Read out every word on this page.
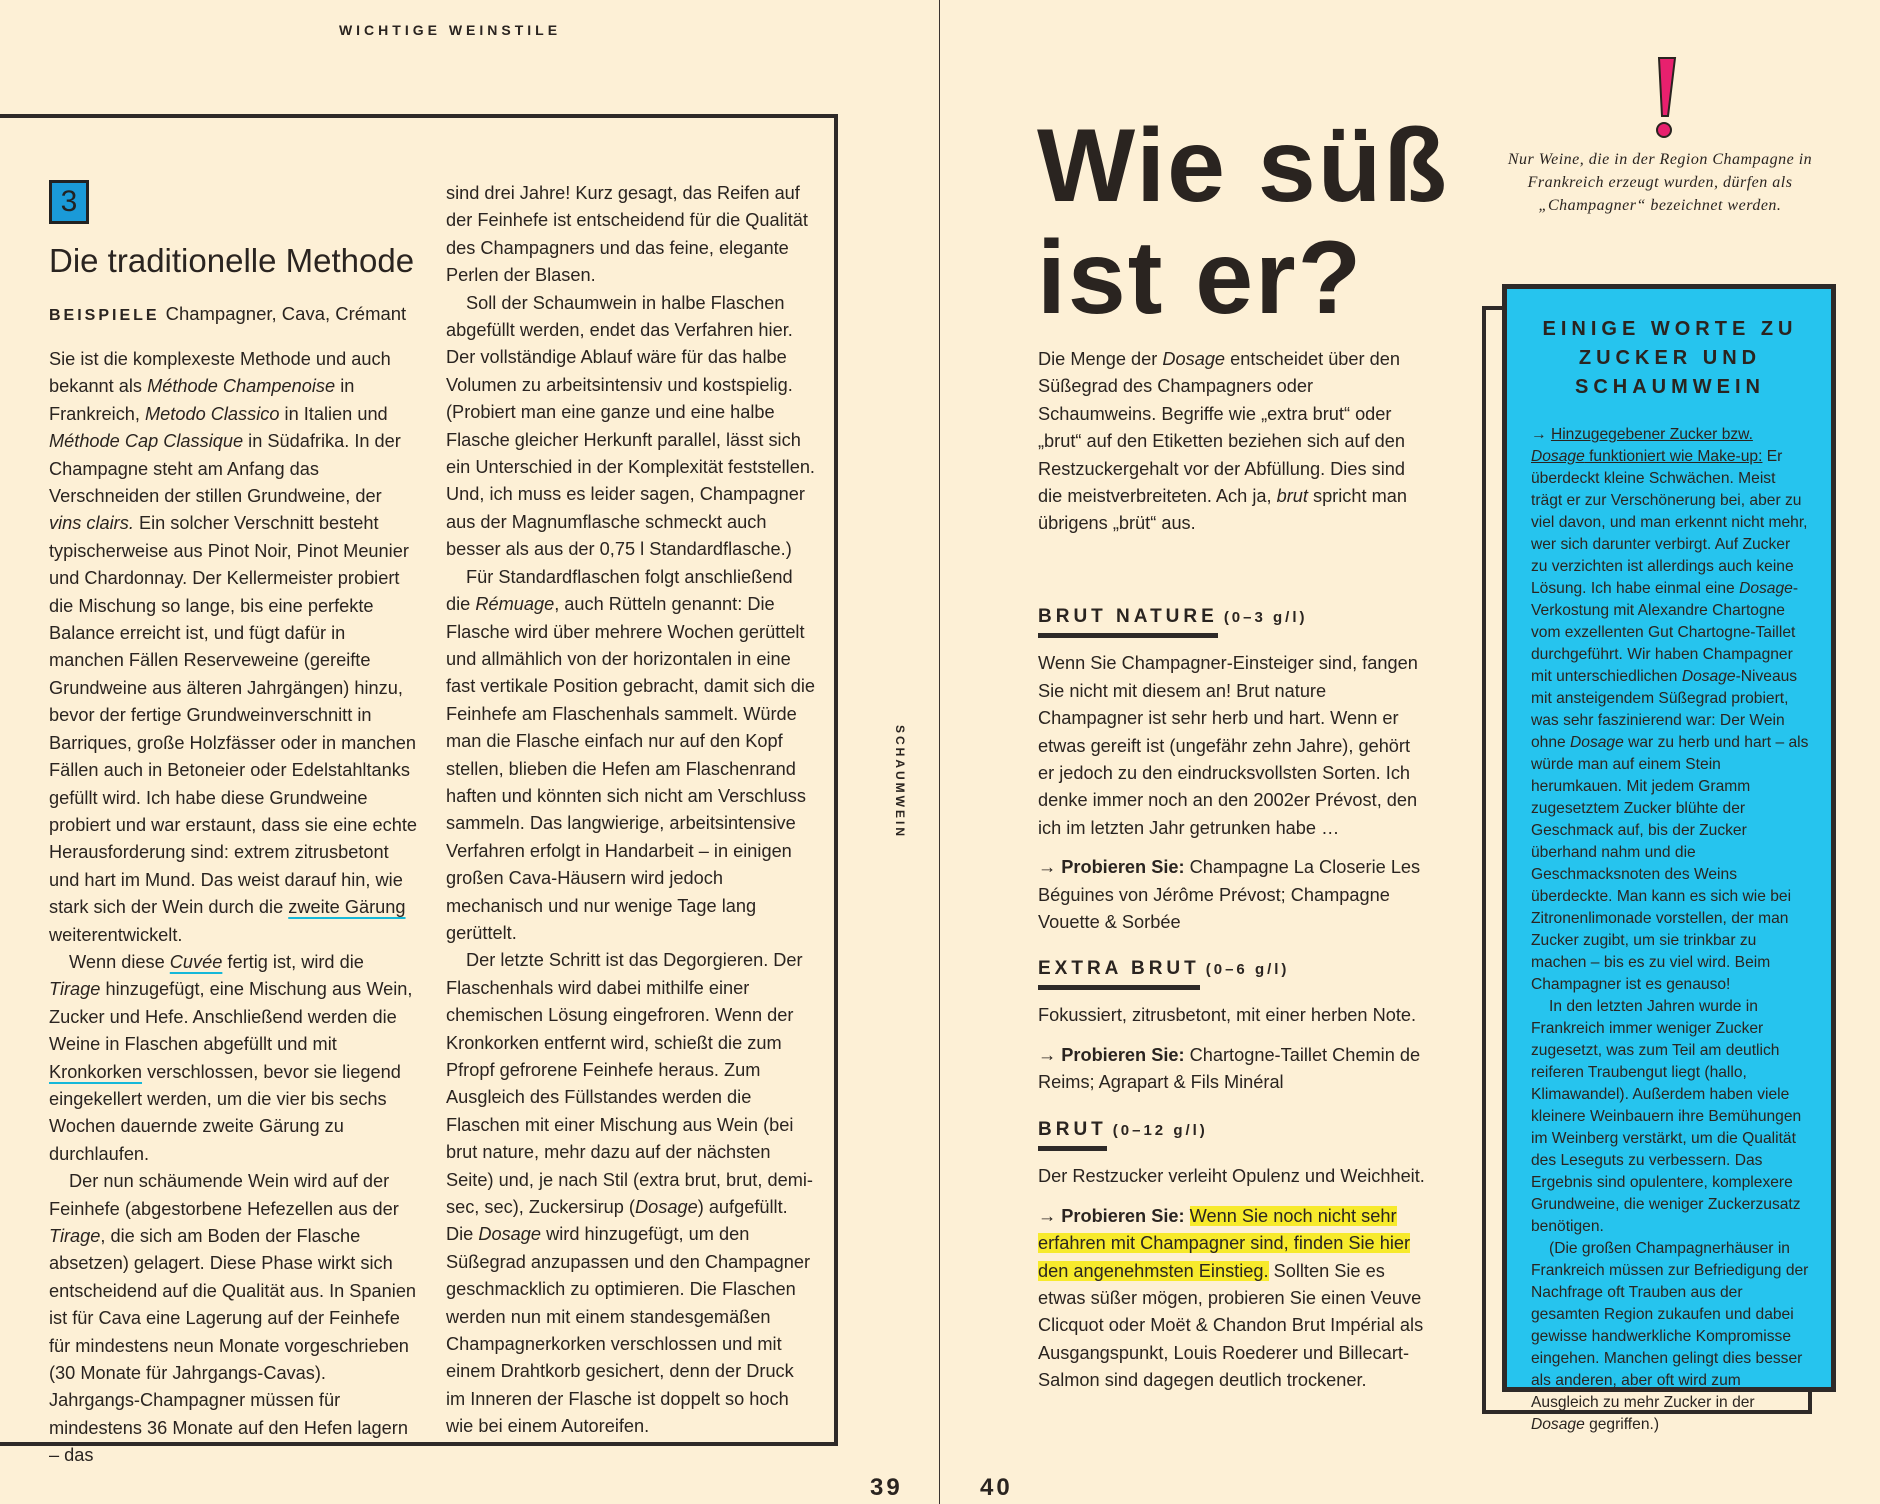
WICHTIGE WEINSTILE
3
Die traditionelle Methode
BEISPIELE Champagner, Cava, Crémant

Sie ist die komplexeste Methode und auch bekannt als Méthode Champenoise in Frankreich, Metodo Classico in Italien und Méthode Cap Classique in Südafrika. In der Champagne steht am Anfang das Verschneiden der stillen Grundweine, der vins clairs. Ein solcher Verschnitt besteht typischerweise aus Pinot Noir, Pinot Meunier und Chardonnay. Der Kellermeister probiert die Mischung so lange, bis eine perfekte Balance erreicht ist, und fügt dafür in manchen Fällen Reserveweine (gereifte Grundweine aus älteren Jahrgängen) hinzu, bevor der fertige Grundweinverschnitt in Barriques, große Holzfässer oder in manchen Fällen auch in Betoneier oder Edelstahltanks gefüllt wird. Ich habe diese Grundweine probiert und war erstaunt, dass sie eine echte Herausforderung sind: extrem zitrusbetont und hart im Mund. Das weist darauf hin, wie stark sich der Wein durch die zweite Gärung weiterentwickelt.

Wenn diese Cuvée fertig ist, wird die Tirage hinzugefügt, eine Mischung aus Wein, Zucker und Hefe. Anschließend werden die Weine in Flaschen abgefüllt und mit Kronkorken verschlossen, bevor sie liegend eingekellert werden, um die vier bis sechs Wochen dauernde zweite Gärung zu durchlaufen.

Der nun schäumende Wein wird auf der Feinhefe (abgestorbene Hefezellen aus der Tirage, die sich am Boden der Flasche absetzen) gelagert. Diese Phase wirkt sich entscheidend auf die Qualität aus. In Spanien ist für Cava eine Lagerung auf der Feinhefe für mindestens neun Monate vorgeschrieben (30 Monate für Jahrgangs-Cavas). Jahrgangs-Champagner müssen für mindestens 36 Monate auf den Hefen lagern – das

sind drei Jahre! Kurz gesagt, das Reifen auf der Feinhefe ist entscheidend für die Qualität des Champagners und das feine, elegante Perlen der Blasen.

Soll der Schaumwein in halbe Flaschen abgefüllt werden, endet das Verfahren hier. Der vollständige Ablauf wäre für das halbe Volumen zu arbeitsintensiv und kostspielig. (Probiert man eine ganze und eine halbe Flasche gleicher Herkunft parallel, lässt sich ein Unterschied in der Komplexität feststellen. Und, ich muss es leider sagen, Champagner aus der Magnumflasche schmeckt auch besser als aus der 0,75 l Standardflasche.)

Für Standardflaschen folgt anschließend die Rémuage, auch Rütteln genannt: Die Flasche wird über mehrere Wochen gerüttelt und allmählich von der horizontalen in eine fast vertikale Position gebracht, damit sich die Feinhefe am Flaschenhals sammelt. Würde man die Flasche einfach nur auf den Kopf stellen, blieben die Hefen am Flaschenrand haften und könnten sich nicht am Verschluss sammeln. Das langwierige, arbeitsintensive Verfahren erfolgt in Handarbeit – in einigen großen Cava-Häusern wird jedoch mechanisch und nur wenige Tage lang gerüttelt.

Der letzte Schritt ist das Degorgieren. Der Flaschenhals wird dabei mithilfe einer chemischen Lösung eingefroren. Wenn der Kronkorken entfernt wird, schießt die zum Pfropf gefrorene Feinhefe heraus. Zum Ausgleich des Füllstandes werden die Flaschen mit einer Mischung aus Wein (bei brut nature, mehr dazu auf der nächsten Seite) und, je nach Stil (extra brut, brut, demi-sec, sec), Zuckersirup (Dosage) aufgefüllt. Die Dosage wird hinzugefügt, um den Süßegrad anzupassen und den Champagner geschmacklich zu optimieren. Die Flaschen werden nun mit einem standesgemäßen Champagnerkorken verschlossen und mit einem Drahtkorb gesichert, denn der Druck im Inneren der Flasche ist doppelt so hoch wie bei einem Autoreifen.

SCHAUMWEIN
39	40
Wie süß
ist er?
Die Menge der Dosage entscheidet über den Süßegrad des Champagners oder Schaumweins. Begriffe wie „extra brut“ oder „brut“ auf den Etiketten beziehen sich auf den Restzuckergehalt vor der Abfüllung. Dies sind die meistverbreiteten. Ach ja, brut spricht man übrigens „brüt“ aus.
BRUT NATURE (0–3 g/l)

Wenn Sie Champagner-Einsteiger sind, fangen Sie nicht mit diesem an! Brut nature Champagner ist sehr herb und hart. Wenn er etwas gereift ist (ungefähr zehn Jahre), gehört er jedoch zu den eindrucksvollsten Sorten. Ich denke immer noch an den 2002er Prévost, den ich im letzten Jahr getrunken habe …

→ Probieren Sie: Champagne La Closerie Les Béguines von Jérôme Prévost; Champagne Vouette & Sorbée

EXTRA BRUT (0–6 g/l)

Fokussiert, zitrusbetont, mit einer herben Note.

→ Probieren Sie: Chartogne-Taillet Chemin de Reims; Agrapart & Fils Minéral

BRUT (0–12 g/l)

Der Restzucker verleiht Opulenz und Weichheit.

→ Probieren Sie: Wenn Sie noch nicht sehr erfahren mit Champagner sind, finden Sie hier den angenehmsten Einstieg. Sollten Sie es etwas süßer mögen, probieren Sie einen Veuve Clicquot oder Moët & Chandon Brut Impérial als Ausgangspunkt, Louis Roederer und Billecart-Salmon sind dagegen deutlich trockener.

Nur Weine, die in der Region Champagne in Frankreich erzeugt wurden, dürfen als „Champagner“ bezeichnet werden.
EINIGE WORTE ZU ZUCKER UND SCHAUMWEIN

→ Hinzugegebener Zucker bzw. Dosage funktioniert wie Make-up: Er überdeckt kleine Schwächen. Meist trägt er zur Verschönerung bei, aber zu viel davon, und man erkennt nicht mehr, wer sich darunter verbirgt. Auf Zucker zu verzichten ist allerdings auch keine Lösung. Ich habe einmal eine Dosage-Verkostung mit Alexandre Chartogne vom exzellenten Gut Chartogne-Taillet durchgeführt. Wir haben Champagner mit unterschiedlichen Dosage-Niveaus mit ansteigendem Süßegrad probiert, was sehr faszinierend war: Der Wein ohne Dosage war zu herb und hart – als würde man auf einem Stein herumkauen. Mit jedem Gramm zugesetztem Zucker blühte der Geschmack auf, bis der Zucker überhand nahm und die Geschmacksnoten des Weins überdeckte. Man kann es sich wie bei Zitronenlimonade vorstellen, der man Zucker zugibt, um sie trinkbar zu machen – bis es zu viel wird. Beim Champagner ist es genauso!

In den letzten Jahren wurde in Frankreich immer weniger Zucker zugesetzt, was zum Teil am deutlich reiferen Traubengut liegt (hallo, Klimawandel). Außerdem haben viele kleinere Weinbauern ihre Bemühungen im Weinberg verstärkt, um die Qualität des Leseguts zu verbessern. Das Ergebnis sind opulentere, komplexere Grundweine, die weniger Zuckerzusatz benötigen.

(Die großen Champagnerhäuser in Frankreich müssen zur Befriedigung der Nachfrage oft Trauben aus der gesamten Region zukaufen und dabei gewisse handwerkliche Kompromisse eingehen. Manchen gelingt dies besser als anderen, aber oft wird zum Ausgleich zu mehr Zucker in der Dosage gegriffen.)
